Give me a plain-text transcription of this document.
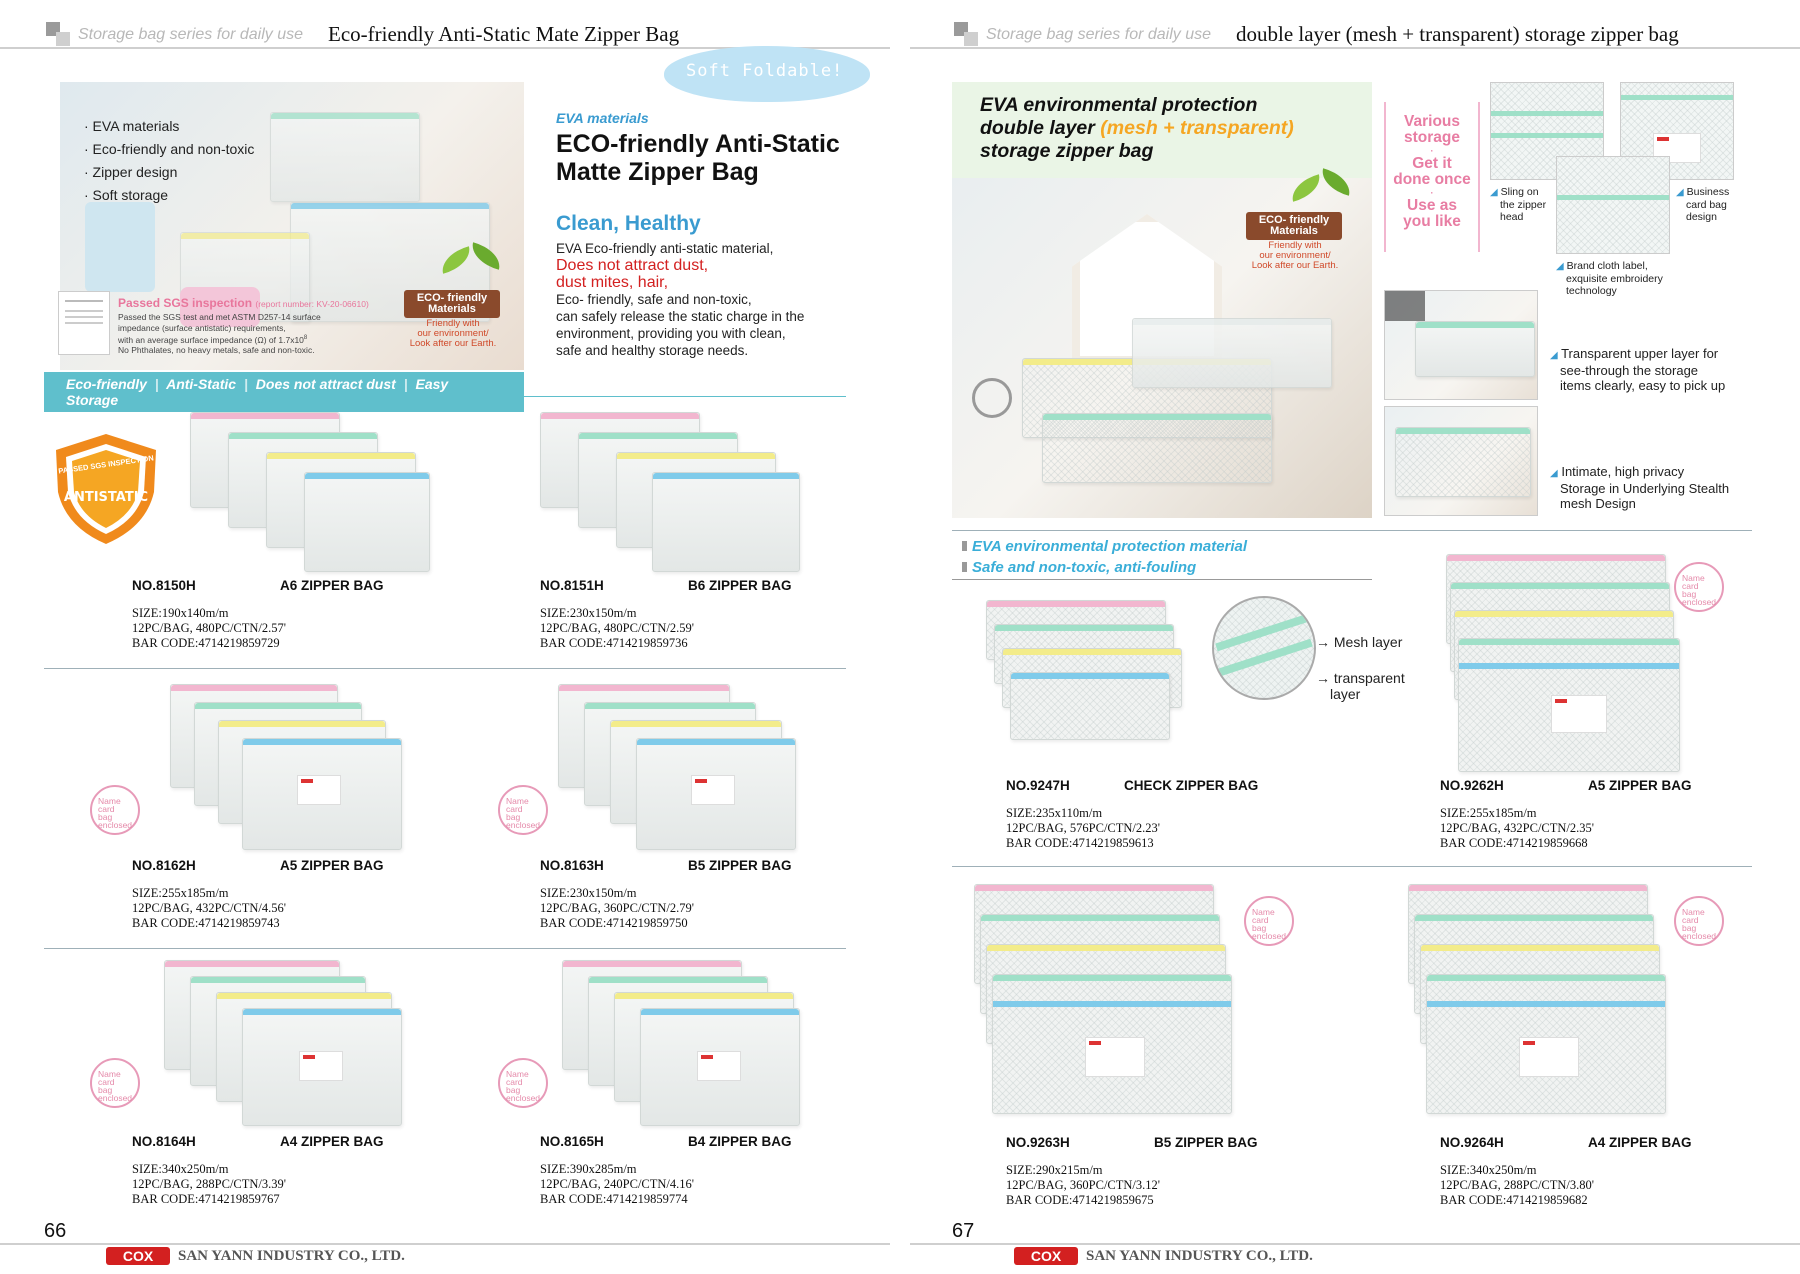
Storage bag series for daily use Eco-friendly Anti-Static Mate Zipper Bag
Soft Foldable!
· EVA materials
· Eco-friendly and non-toxic
· Zipper design
· Soft storage
Passed SGS inspection (report number: KV-20-06610)
Passed the SGS test and met ASTM D257-14 surface
impedance (surface antistatic) requirements,
with an average surface impedance (Ω) of $1.7x10^8$
No Phthalates, no heavy metals, safe and non-toxic.
ECO- friendly
Materials
Friendly with
our environment/
Look after our Earth.
EVA materials
ECO-friendly Anti-Static
Matte Zipper Bag
Clean, Healthy
EVA Eco-friendly anti-static material,
Does not attract dust,
dust mites, hair,
Eco- friendly, safe and non-toxic,
can safely release the static charge in the
environment, providing you with clean,
safe and healthy storage needs.
Eco-friendly | Anti-Static | Does not attract dust | Easy Storage
PASSED SGS INSPECTION
ANTISTATIC
NO.8150H	A6 ZIPPER BAG
SIZE:190x140m/m
12PC/BAG, 480PC/CTN/2.57'
BAR CODE:4714219859729
NO.8151H	B6 ZIPPER BAG
SIZE:230x150m/m
12PC/BAG, 480PC/CTN/2.59'
BAR CODE:4714219859736
Name card
bag
enclosed
Name card
bag
enclosed
NO.8162H	A5 ZIPPER BAG
SIZE:255x185m/m
12PC/BAG, 432PC/CTN/4.56'
BAR CODE:4714219859743
NO.8163H	B5 ZIPPER BAG
SIZE:230x150m/m
12PC/BAG, 360PC/CTN/2.79'
BAR CODE:4714219859750
Name card
bag
enclosed
Name card
bag
enclosed
NO.8164H	A4 ZIPPER BAG
SIZE:340x250m/m
12PC/BAG, 288PC/CTN/3.39'
BAR CODE:4714219859767
NO.8165H	B4 ZIPPER BAG
SIZE:390x285m/m
12PC/BAG, 240PC/CTN/4.16'
BAR CODE:4714219859774
66
COX	SAN YANN INDUSTRY CO., LTD.
Storage bag series for daily use double layer (mesh + transparent) storage zipper bag
EVA environmental protection
double layer (mesh + transparent)
storage zipper bag
ECO- friendly
Materials
Friendly with
our environment/
Look after our Earth.
Various
storage
·
Get it
done once
·
Use as
you like
◢ Sling on
the zipper
head
◢ Business
card bag
design
◢ Brand cloth label,
exquisite embroidery
technology
◢ Transparent upper layer for
see-through the storage
items clearly, easy to pick up
◢ Intimate, high privacy
Storage in Underlying Stealth
mesh Design
EVA environmental protection material
Safe and non-toxic, anti-fouling
→ Mesh layer
→ transparent
layer
Name card
bag
enclosed
NO.9247H	CHECK ZIPPER BAG
SIZE:235x110m/m
12PC/BAG, 576PC/CTN/2.23'
BAR CODE:4714219859613
NO.9262H	A5 ZIPPER BAG
SIZE:255x185m/m
12PC/BAG, 432PC/CTN/2.35'
BAR CODE:4714219859668
Name card
bag
enclosed
Name card
bag
enclosed
NO.9263H	B5 ZIPPER BAG
SIZE:290x215m/m
12PC/BAG, 360PC/CTN/3.12'
BAR CODE:4714219859675
NO.9264H	A4 ZIPPER BAG
SIZE:340x250m/m
12PC/BAG, 288PC/CTN/3.80'
BAR CODE:4714219859682
67
COX	SAN YANN INDUSTRY CO., LTD.
